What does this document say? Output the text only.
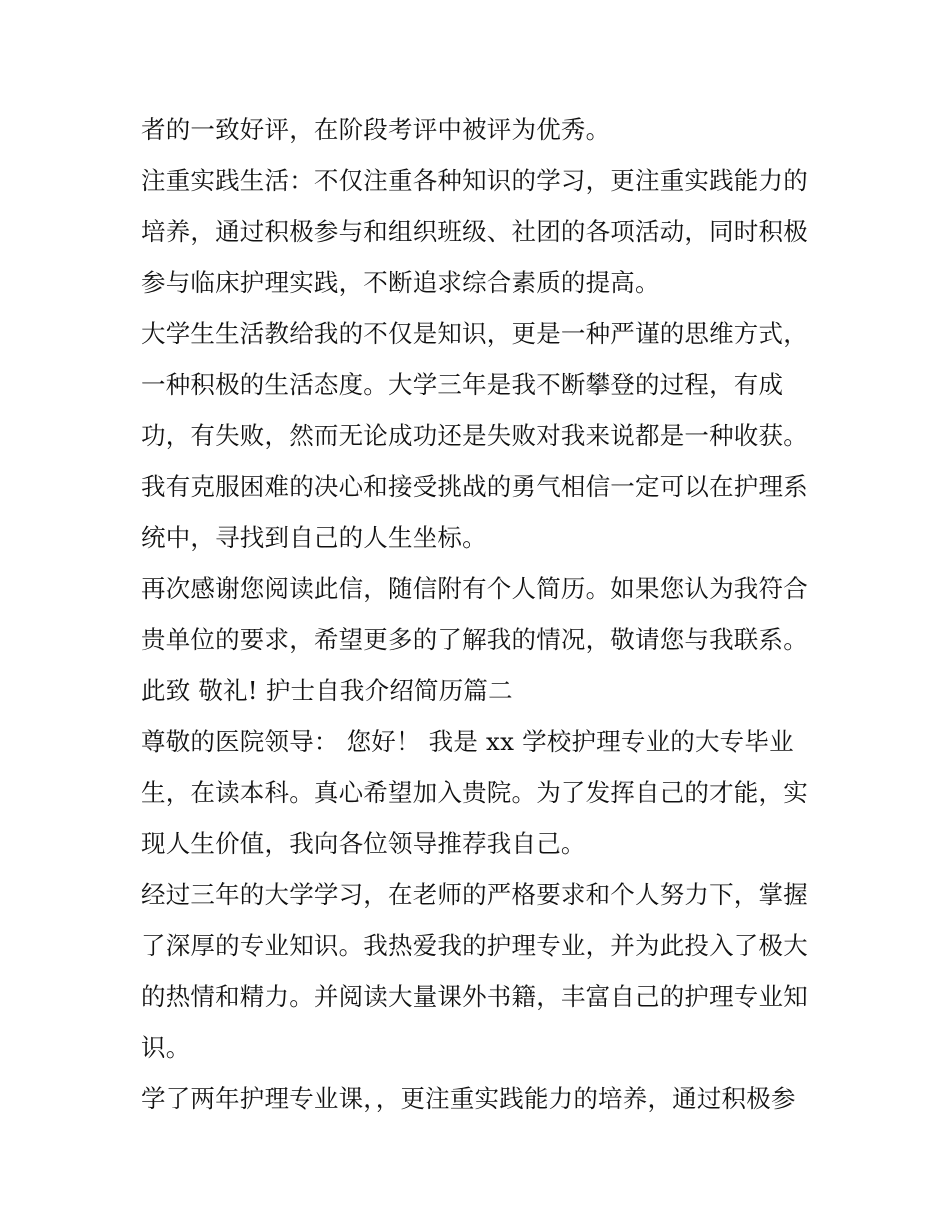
者的一致好评，在阶段考评中被评为优秀。
注重实践生活：不仅注重各种知识的学习，更注重实践能力的
培养，通过积极参与和组织班级、社团的各项活动，同时积极
参与临床护理实践，不断追求综合素质的提高。
大学生生活教给我的不仅是知识，更是一种严谨的思维方式，
一种积极的生活态度。大学三年是我不断攀登的过程，有成
功，有失败，然而无论成功还是失败对我来说都是一种收获。
我有克服困难的决心和接受挑战的勇气相信一定可以在护理系
统中，寻找到自己的人生坐标。
再次感谢您阅读此信，随信附有个人简历。如果您认为我符合
贵单位的要求，希望更多的了解我的情况，敬请您与我联系。
此致 敬礼! 护士自我介绍简历篇二
尊敬的医院领导： 您好！ 我是 xx 学校护理专业的大专毕业
生，在读本科。真心希望加入贵院。为了发挥自己的才能，实
现人生价值，我向各位领导推荐我自己。
经过三年的大学学习，在老师的严格要求和个人努力下，掌握
了深厚的专业知识。我热爱我的护理专业，并为此投入了极大
的热情和精力。并阅读大量课外书籍，丰富自己的护理专业知
识。
学了两年护理专业课，，更注重实践能力的培养，通过积极参
